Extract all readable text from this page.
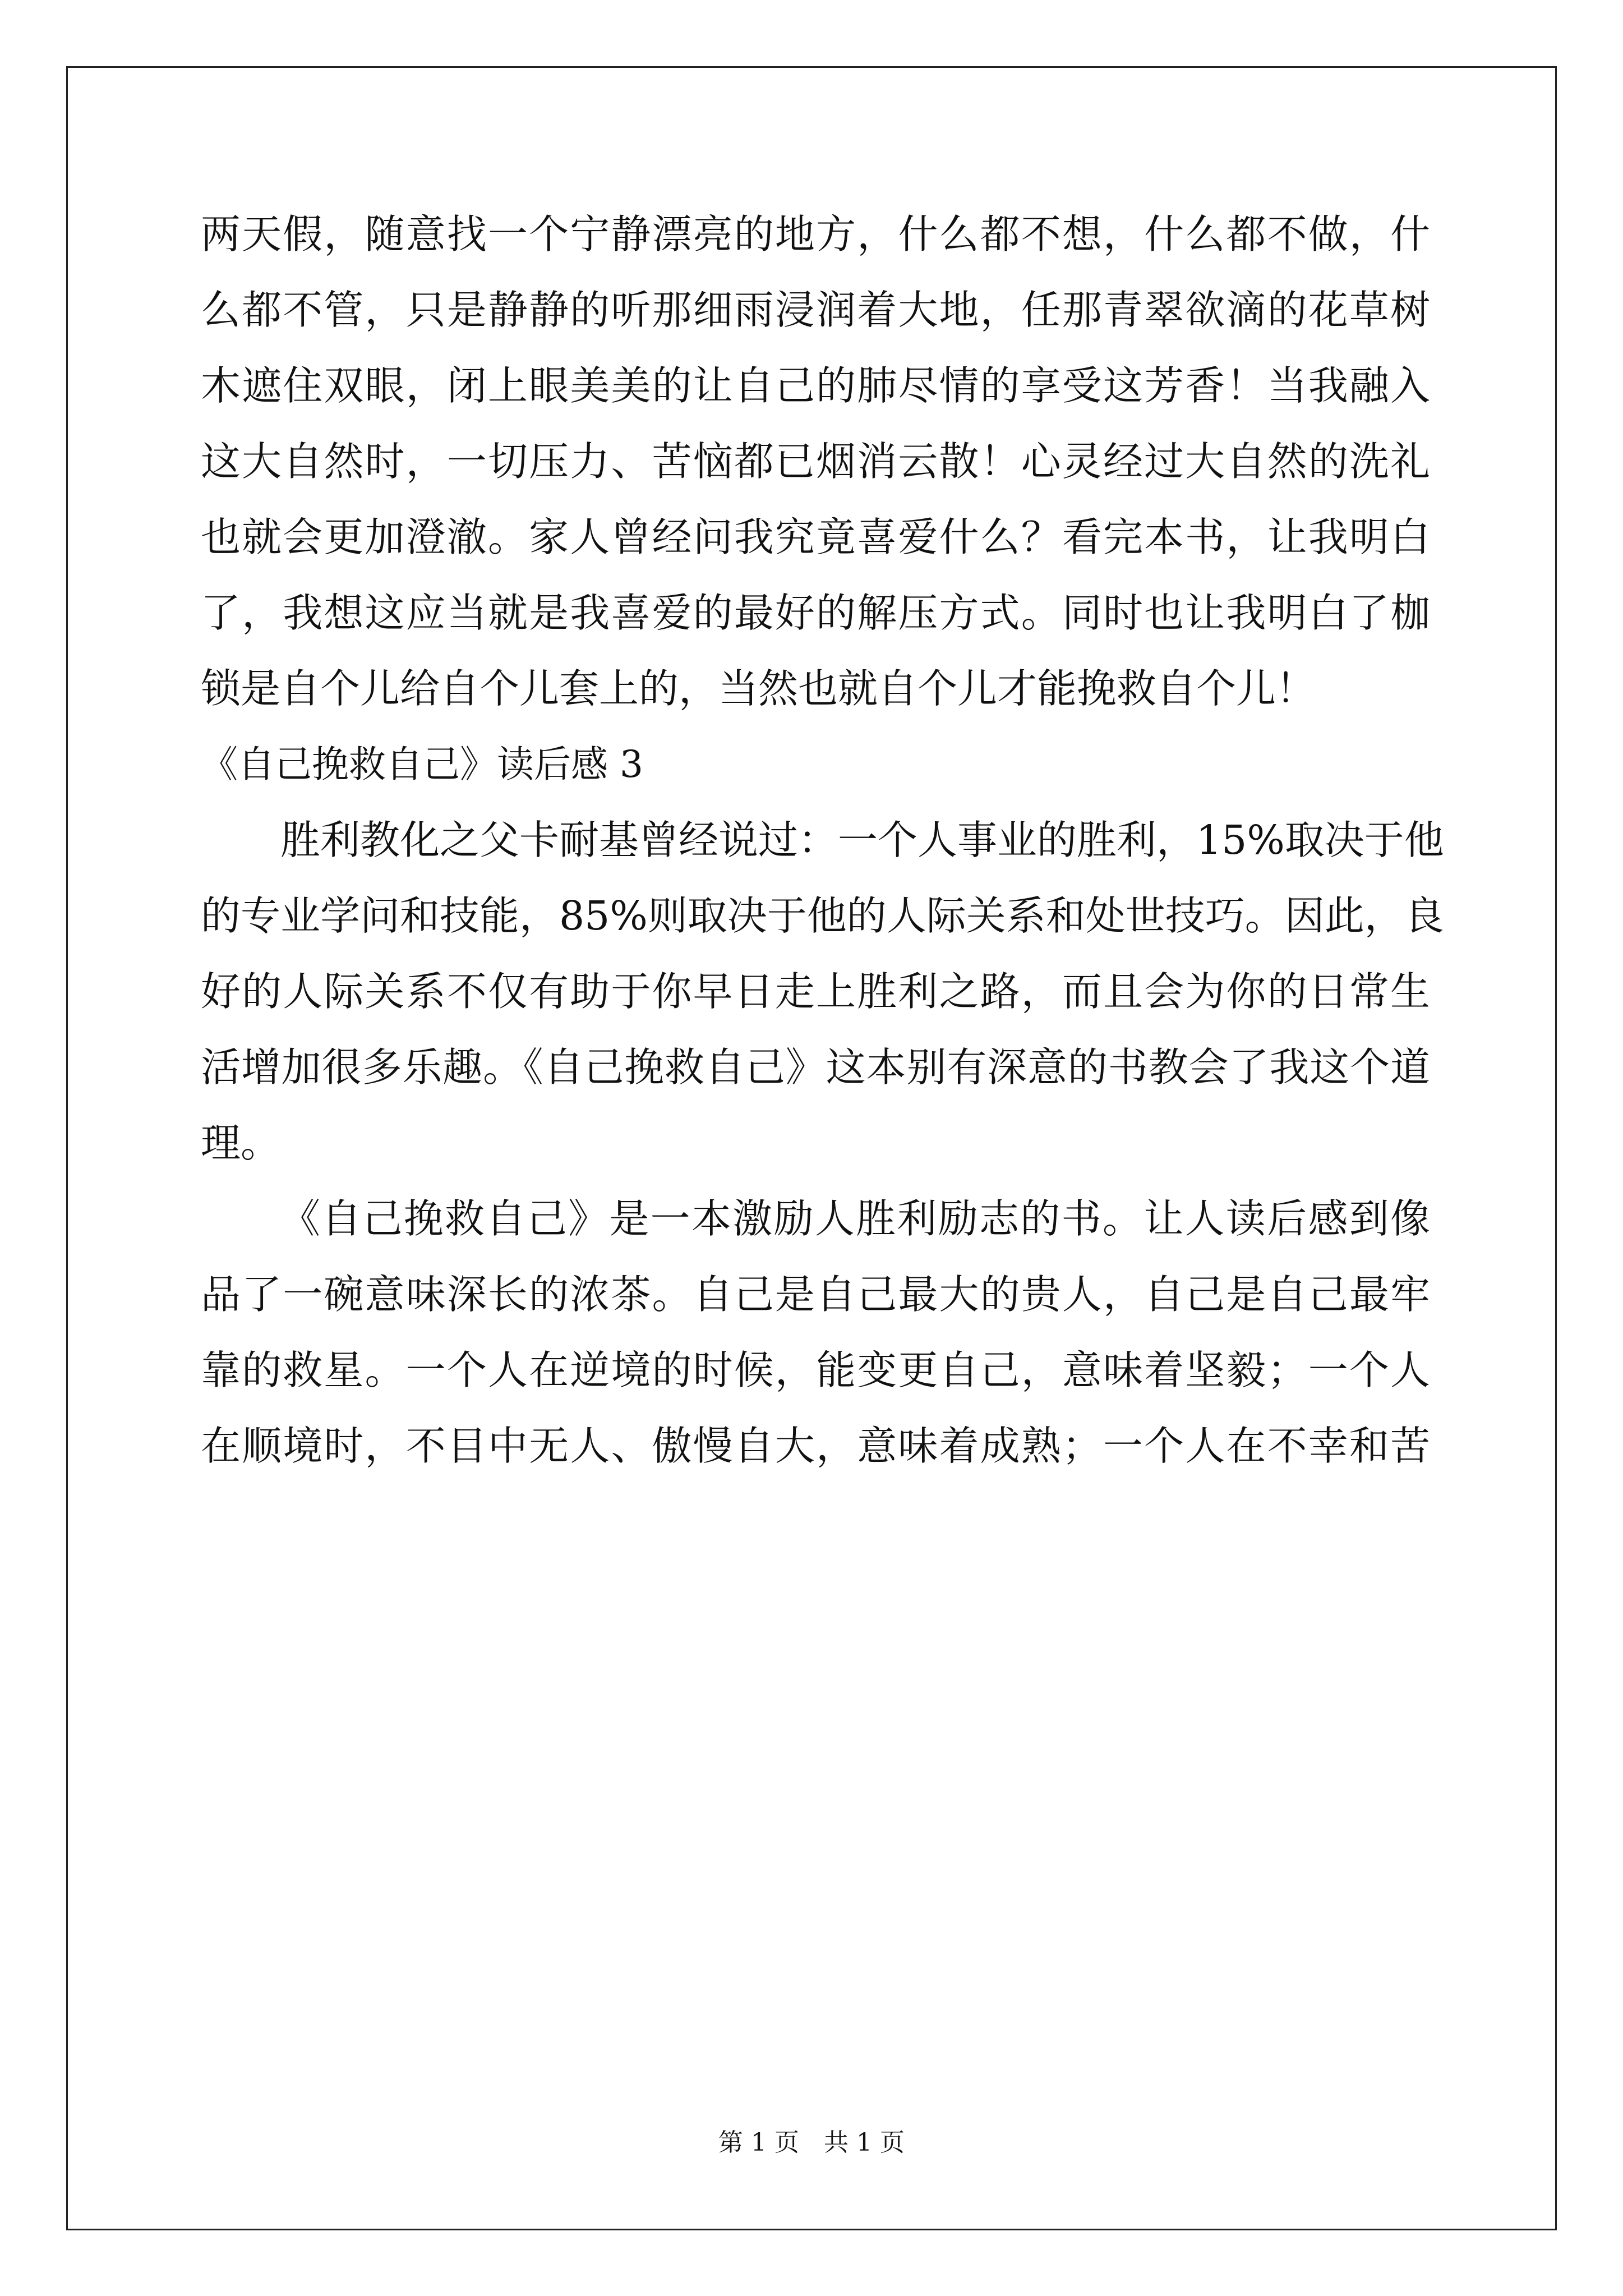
两天假，随意找一个宁静漂亮的地方，什么都不想，什么都不做，什
么都不管，只是静静的听那细雨浸润着大地，任那青翠欲滴的花草树
木遮住双眼，闭上眼美美的让自己的肺尽情的享受这芳香！当我融入
这大自然时，一切压力、苦恼都已烟消云散！心灵经过大自然的洗礼
也就会更加澄澈。家人曾经问我究竟喜爱什么？看完本书，让我明白
了，我想这应当就是我喜爱的最好的解压方式。同时也让我明白了枷
锁是自个儿给自个儿套上的，当然也就自个儿才能挽救自个儿！
《自己挽救自己》读后感 3
胜利教化之父卡耐基曾经说过：一个人事业的胜利，15%取决于他
的专业学问和技能，85%则取决于他的人际关系和处世技巧。因此，良
好的人际关系不仅有助于你早日走上胜利之路，而且会为你的日常生
活增加很多乐趣。《自己挽救自己》这本别有深意的书教会了我这个道
理。
《自己挽救自己》是一本激励人胜利励志的书。让人读后感到像
品了一碗意味深长的浓茶。自己是自己最大的贵人，自己是自己最牢
靠的救星。一个人在逆境的时候，能变更自己，意味着坚毅；一个人
在顺境时，不目中无人、傲慢自大，意味着成熟；一个人在不幸和苦
第 1 页　共 1 页
